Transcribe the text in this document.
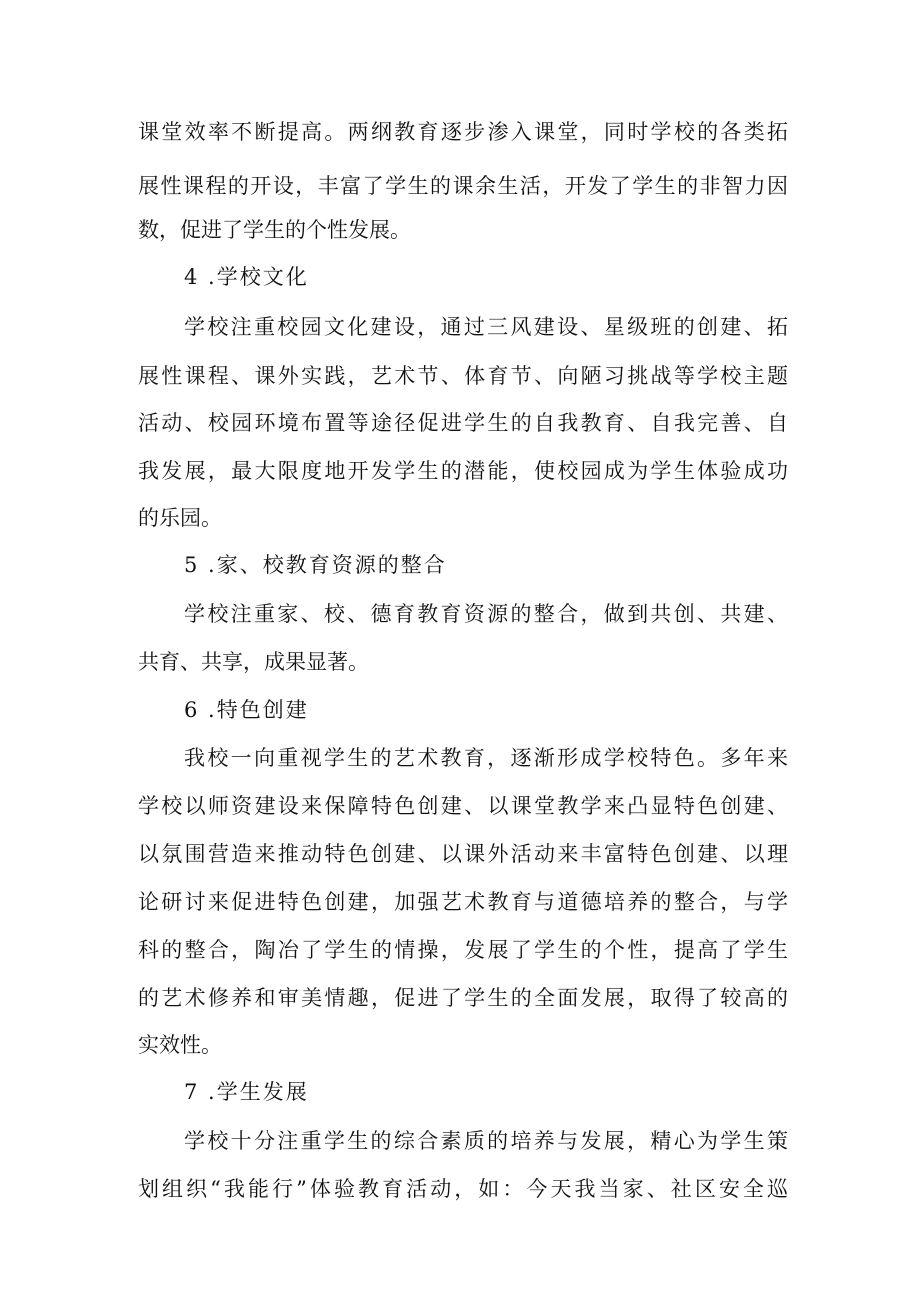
课堂效率不断提高。两纲教育逐步渗入课堂，同时学校的各类拓
展性课程的开设，丰富了学生的课余生活，开发了学生的非智力因
数，促进了学生的个性发展。
4 .学校文化
学校注重校园文化建设，通过三风建设、星级班的创建、拓
展性课程、课外实践，艺术节、体育节、向陋习挑战等学校主题
活动、校园环境布置等途径促进学生的自我教育、自我完善、自
我发展，最大限度地开发学生的潜能，使校园成为学生体验成功
的乐园。
5 .家、校教育资源的整合
学校注重家、校、德育教育资源的整合，做到共创、共建、
共育、共享，成果显著。
6 .特色创建
我校一向重视学生的艺术教育，逐渐形成学校特色。多年来
学校以师资建设来保障特色创建、以课堂教学来凸显特色创建、
以氛围营造来推动特色创建、以课外活动来丰富特色创建、以理
论研讨来促进特色创建，加强艺术教育与道德培养的整合，与学
科的整合，陶冶了学生的情操，发展了学生的个性，提高了学生
的艺术修养和审美情趣，促进了学生的全面发展，取得了较高的
实效性。
7 .学生发展
学校十分注重学生的综合素质的培养与发展，精心为学生策
划组织“我能行”体验教育活动，如：今天我当家、社区安全巡
